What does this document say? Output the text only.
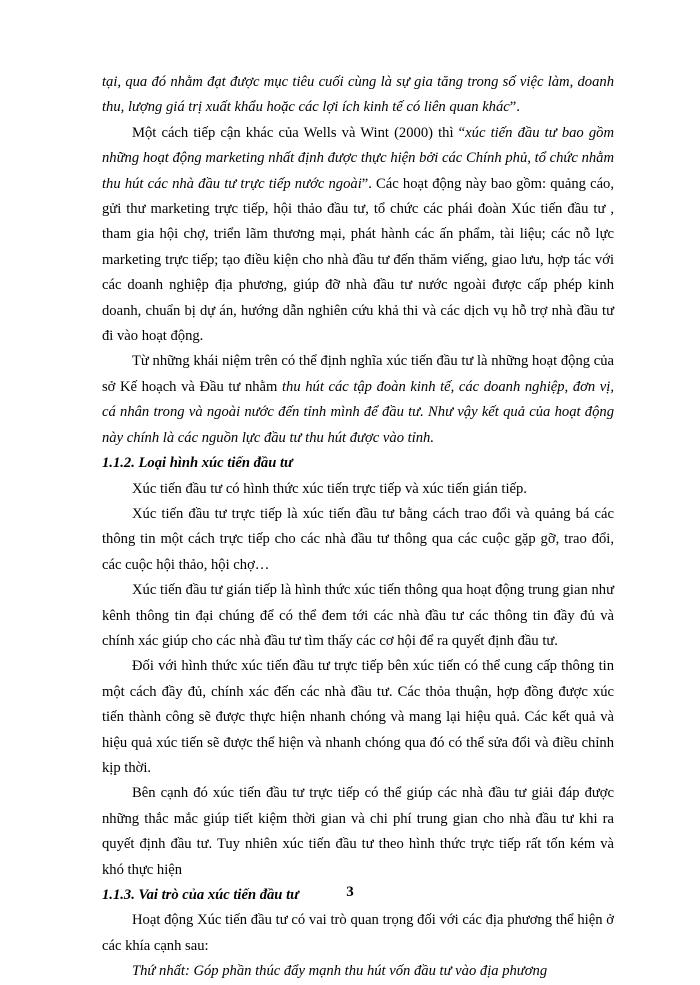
tại, qua đó nhằm đạt được mục tiêu cuối cùng là sự gia tăng trong số việc làm, doanh thu, lượng giá trị xuất khẩu hoặc các lợi ích kinh tế có liên quan khác”.

Một cách tiếp cận khác của Wells và Wint (2000) thì “xúc tiến đầu tư bao gồm những hoạt động marketing nhất định được thực hiện bởi các Chính phủ, tổ chức nhằm thu hút các nhà đầu tư trực tiếp nước ngoài”. Các hoạt động này bao gồm: quảng cáo, gửi thư marketing trực tiếp, hội thảo đầu tư, tổ chức các phái đoàn Xúc tiến đầu tư , tham gia hội chợ, triển lãm thương mại, phát hành các ấn phẩm, tài liệu; các nỗ lực marketing trực tiếp; tạo điều kiện cho nhà đầu tư đến thăm viếng, giao lưu, hợp tác với các doanh nghiệp địa phương, giúp đỡ nhà đầu tư nước ngoài được cấp phép kinh doanh, chuẩn bị dự án, hướng dẫn nghiên cứu khả thi và các dịch vụ hỗ trợ nhà đầu tư đi vào hoạt động.

Từ những khái niệm trên có thể định nghĩa xúc tiến đầu tư là những hoạt động của sở Kế hoạch và Đầu tư nhằm thu hút các tập đoàn kinh tế, các doanh nghiệp, đơn vị, cá nhân trong và ngoài nước đến tỉnh mình để đầu tư. Như vậy kết quả của hoạt động này chính là các nguồn lực đầu tư thu hút được vào tỉnh.

1.1.2. Loại hình xúc tiến đầu tư

Xúc tiến đầu tư có hình thức xúc tiến trực tiếp và xúc tiến gián tiếp.

Xúc tiến đầu tư trực tiếp là xúc tiến đầu tư bằng cách trao đổi và quảng bá các thông tin một cách trực tiếp cho các nhà đầu tư thông qua các cuộc gặp gỡ, trao đổi, các cuộc hội thảo, hội chợ…

Xúc tiến đầu tư gián tiếp là hình thức xúc tiến thông qua hoạt động trung gian như kênh thông tin đại chúng để có thể đem tới các nhà đầu tư các thông tin đầy đủ và chính xác giúp cho các nhà đầu tư tìm thấy các cơ hội để ra quyết định đầu tư.

Đối với hình thức xúc tiến đầu tư trực tiếp bên xúc tiến có thể cung cấp thông tin một cách đầy đủ, chính xác đến các nhà đầu tư. Các thỏa thuận, hợp đồng được xúc tiến thành công sẽ được thực hiện nhanh chóng và mang lại hiệu quả. Các kết quả và hiệu quả xúc tiến sẽ được thể hiện và nhanh chóng qua đó có thể sửa đổi và điều chỉnh kịp thời.

Bên cạnh đó xúc tiến đầu tư trực tiếp có thể giúp các nhà đầu tư giải đáp được những thắc mắc giúp tiết kiệm thời gian và chi phí trung gian cho nhà đầu tư khi ra quyết định đầu tư. Tuy nhiên xúc tiến đầu tư theo hình thức trực tiếp rất tốn kém và khó thực hiện

1.1.3. Vai trò của xúc tiến đầu tư

Hoạt động Xúc tiến đầu tư có vai trò quan trọng đối với các địa phương thể hiện ở các khía cạnh sau:

Thứ nhất: Góp phần thúc đẩy mạnh thu hút vốn đầu tư vào địa phương

3
